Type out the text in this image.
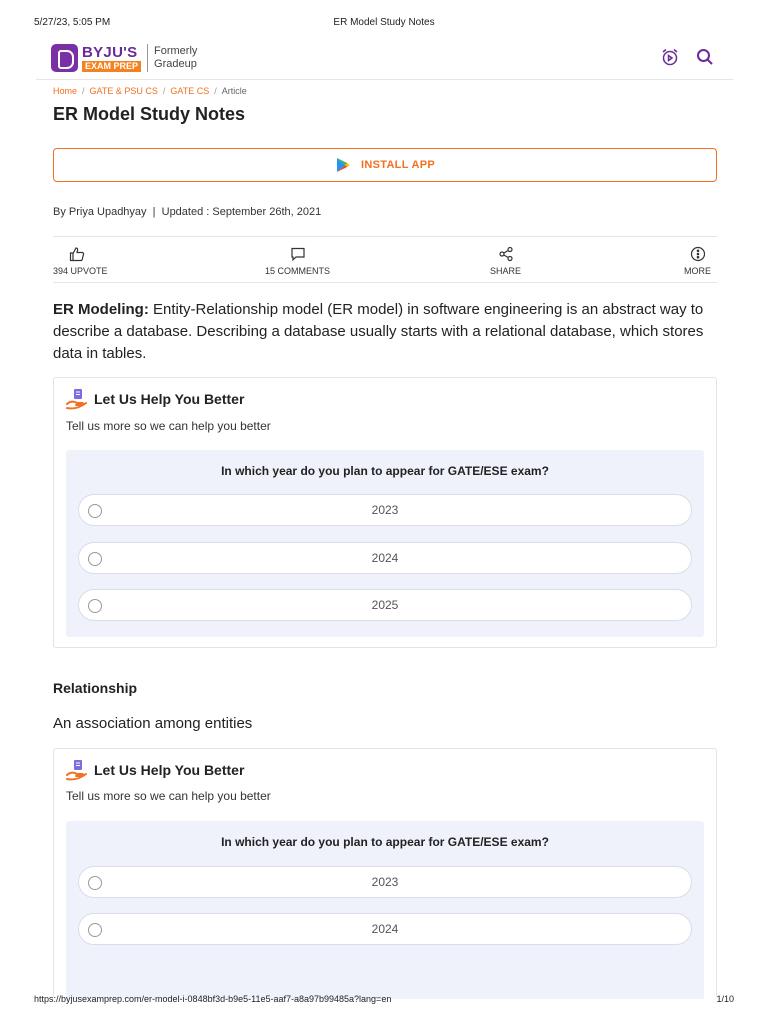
5/27/23, 5:05 PM	ER Model Study Notes
BYJU'S
EXAM PREP
Formerly
Gradeup
Home / GATE & PSU CS / GATE CS / Article
ER Model Study Notes
INSTALL APP
By Priya Upadhyay  |  Updated : September 26th, 2021
394 UPVOTE	15 COMMENTS	SHARE	MORE

ER Modeling: Entity-Relationship model (ER model) in software engineering is an abstract way to describe a database. Describing a database usually starts with a relational database, which stores data in tables.

Let Us Help You Better
Tell us more so we can help you better
In which year do you plan to appear for GATE/ESE exam?
2023
2024
2025
Relationship

An association among entities

Let Us Help You Better
Tell us more so we can help you better
In which year do you plan to appear for GATE/ESE exam?
2023
2024
https://byjusexamprep.com/er-model-i-0848bf3d-b9e5-11e5-aaf7-a8a97b99485a?lang=en	1/10
